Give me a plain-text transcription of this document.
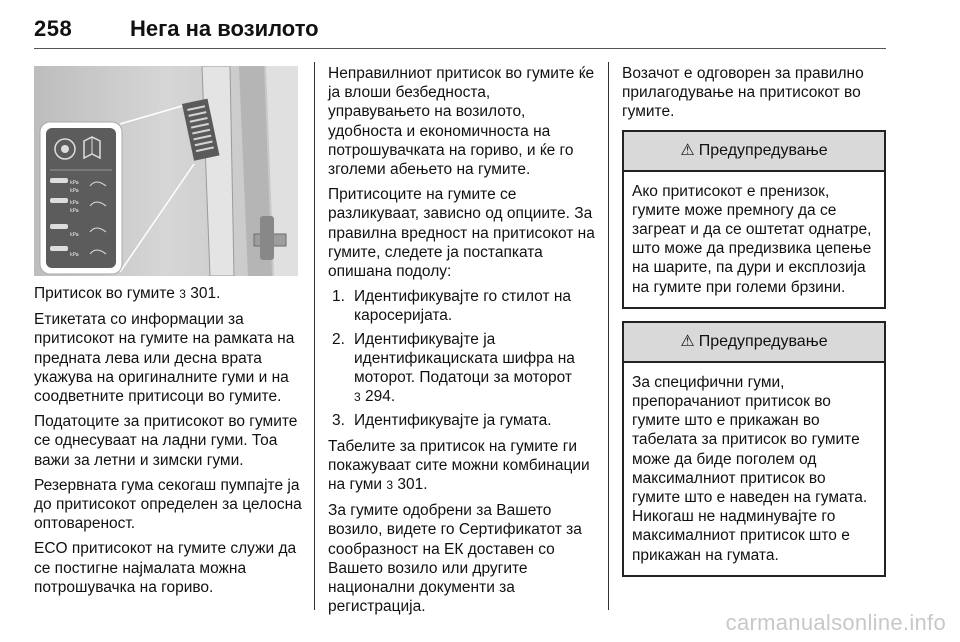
258	Нега на возилото
kPa
kPa
kPa
kPa
kPa
kPa

Притисок во гумите 3 301.

Етикетата со информации за притисокот на гумите на рамката на предната лева или десна врата укажува на оригиналните гуми и на соодветните притисоци во гумите.

Податоците за притисокот во гумите се однесуваат на ладни гуми. Тоа важи за летни и зимски гуми.

Резервната гума секогаш пумпајте ја до притисокот определен за целосна оптовареност.

ECO притисокот на гумите служи да се постигне најмалата можна потрошувачка на гориво.

Неправилниот притисок во гумите ќе ја влоши безбедноста, управувањето на возилото, удобноста и економичноста на потрошувачката на гориво, и ќе го зголеми абењето на гумите.

Притисоците на гумите се разликуваат, зависно од опциите. За правилна вредност на притисокот на гумите, следете ја постапката опишана подолу:

1. Идентификувајте го стилот на каросеријата.
2. Идентификувајте ја идентификациската шифра на моторот. Податоци за моторот
3 294.
3. Идентификувајте ја гумата.

Табелите за притисок на гумите ги покажуваат сите можни комбинации на гуми 3 301.

За гумите одобрени за Вашето возило, видете го Сертификатот за сообразност на ЕК доставен со Вашето возило или другите национални документи за регистрација.

Возачот е одговорен за правилно прилагодување на притисокот во гумите.

⚠ Предупредување
Ако притисокот е пренизок, гумите може премногу да се загреат и да се оштетат однатре, што може да предизвика цепење на шарите, па дури и експлозија на гумите при големи брзини.
⚠ Предупредување
За специфични гуми, препорачаниот притисок во гумите што е прикажан во табелата за притисок во гумите може да биде поголем од максималниот притисок во гумите што е наведен на гумата. Никогаш не надминувајте го максималниот притисок што е прикажан на гумата.
carmanualsonline.info
